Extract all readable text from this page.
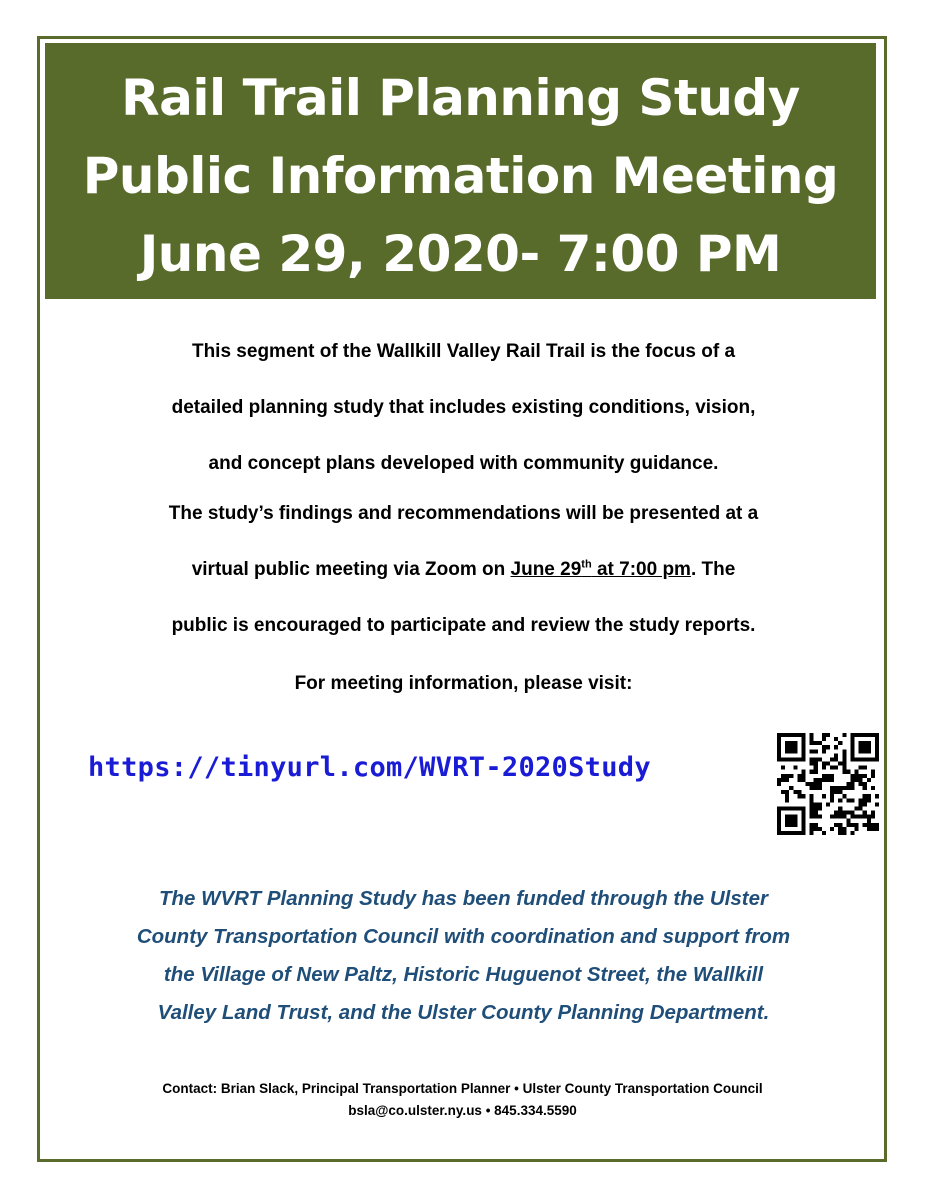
Rail Trail Planning Study
Public Information Meeting
June 29, 2020- 7:00 PM
This segment of the Wallkill Valley Rail Trail is the focus of a
detailed planning study that includes existing conditions, vision,
and concept plans developed with community guidance.
The study’s findings and recommendations will be presented at a
virtual public meeting via Zoom on June 29th at 7:00 pm. The
public is encouraged to participate and review the study reports.
For meeting information, please visit:
https://tinyurl.com/WVRT-2020Study
The WVRT Planning Study has been funded through the Ulster
County Transportation Council with coordination and support from
the Village of New Paltz, Historic Huguenot Street, the Wallkill
Valley Land Trust, and the Ulster County Planning Department.
Contact: Brian Slack, Principal Transportation Planner • Ulster County Transportation Council
bsla@co.ulster.ny.us • 845.334.5590
